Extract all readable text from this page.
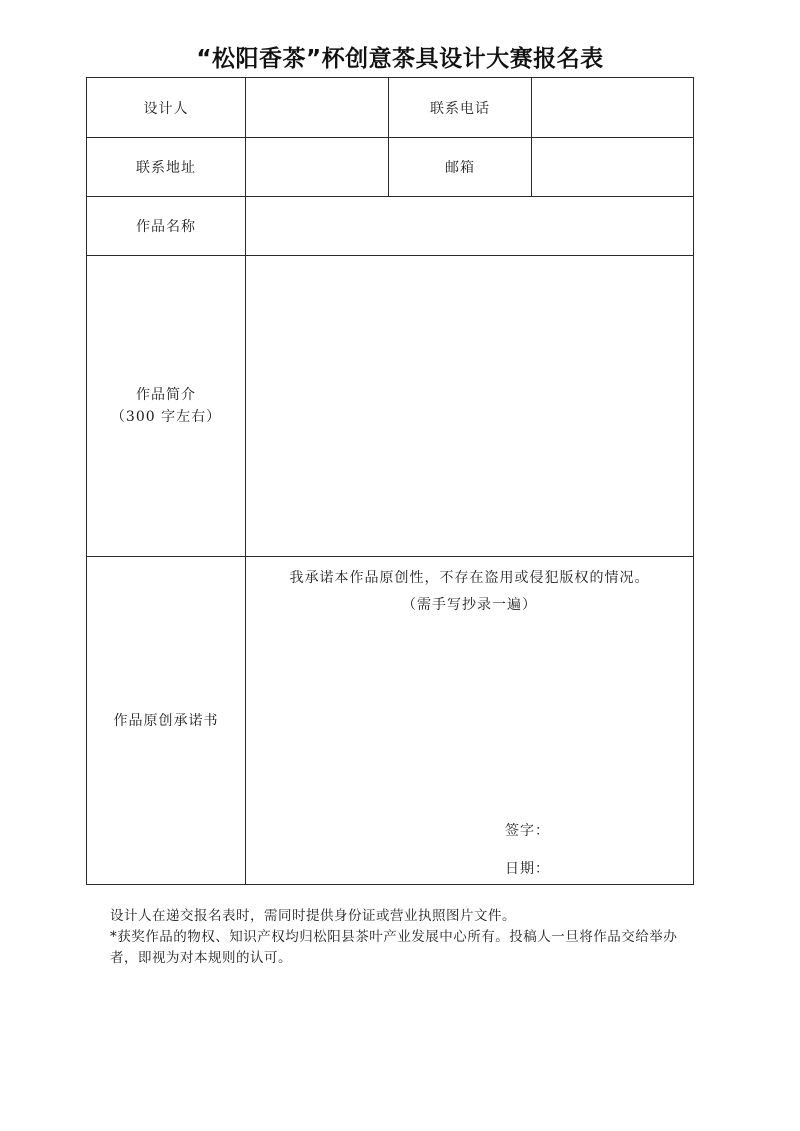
“松阳香茶”杯创意茶具设计大赛报名表
设计人		联系电话	
联系地址		邮箱	
作品名称			

作品简介
（300 字左右）			

作品原创承诺书	我承诺本作品原创性，不存在盗用或侵犯版权的情况。
（需手写抄录一遍）
签字：
日期：		

设计人在递交报名表时，需同时提供身份证或营业执照图片文件。

*获奖作品的物权、知识产权均归松阳县茶叶产业发展中心所有。投稿人一旦将作品交给举办者，即视为对本规则的认可。
